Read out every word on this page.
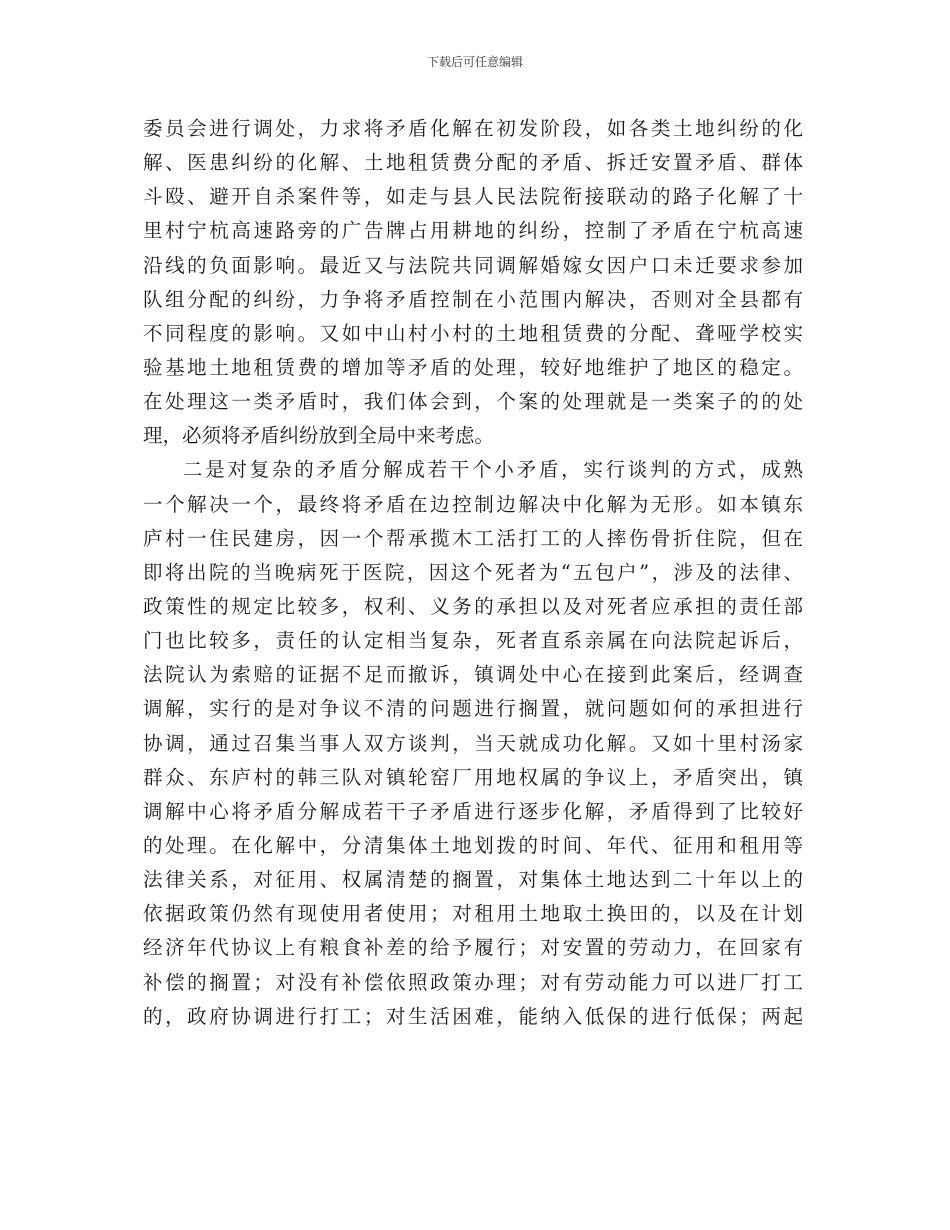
下载后可任意编辑
委员会进行调处，力求将矛盾化解在初发阶段，如各类土地纠纷的化
解、医患纠纷的化解、土地租赁费分配的矛盾、拆迁安置矛盾、群体
斗殴、避开自杀案件等，如走与县人民法院衔接联动的路子化解了十
里村宁杭高速路旁的广告牌占用耕地的纠纷，控制了矛盾在宁杭高速
沿线的负面影响。最近又与法院共同调解婚嫁女因户口未迁要求参加
队组分配的纠纷，力争将矛盾控制在小范围内解决，否则对全县都有
不同程度的影响。又如中山村小村的土地租赁费的分配、聋哑学校实
验基地土地租赁费的增加等矛盾的处理，较好地维护了地区的稳定。
在处理这一类矛盾时，我们体会到，个案的处理就是一类案子的的处
理，必须将矛盾纠纷放到全局中来考虑。
二是对复杂的矛盾分解成若干个小矛盾，实行谈判的方式，成熟
一个解决一个，最终将矛盾在边控制边解决中化解为无形。如本镇东
庐村一住民建房，因一个帮承揽木工活打工的人摔伤骨折住院，但在
即将出院的当晚病死于医院，因这个死者为“五包户”，涉及的法律、
政策性的规定比较多，权利、义务的承担以及对死者应承担的责任部
门也比较多，责任的认定相当复杂，死者直系亲属在向法院起诉后，
法院认为索赔的证据不足而撤诉，镇调处中心在接到此案后，经调查
调解，实行的是对争议不清的问题进行搁置，就问题如何的承担进行
协调，通过召集当事人双方谈判，当天就成功化解。又如十里村汤家
群众、东庐村的韩三队对镇轮窑厂用地权属的争议上，矛盾突出，镇
调解中心将矛盾分解成若干子矛盾进行逐步化解，矛盾得到了比较好
的处理。在化解中，分清集体土地划拨的时间、年代、征用和租用等
法律关系，对征用、权属清楚的搁置，对集体土地达到二十年以上的
依据政策仍然有现使用者使用；对租用土地取土换田的，以及在计划
经济年代协议上有粮食补差的给予履行；对安置的劳动力，在回家有
补偿的搁置；对没有补偿依照政策办理；对有劳动能力可以进厂打工
的，政府协调进行打工；对生活困难，能纳入低保的进行低保；两起
